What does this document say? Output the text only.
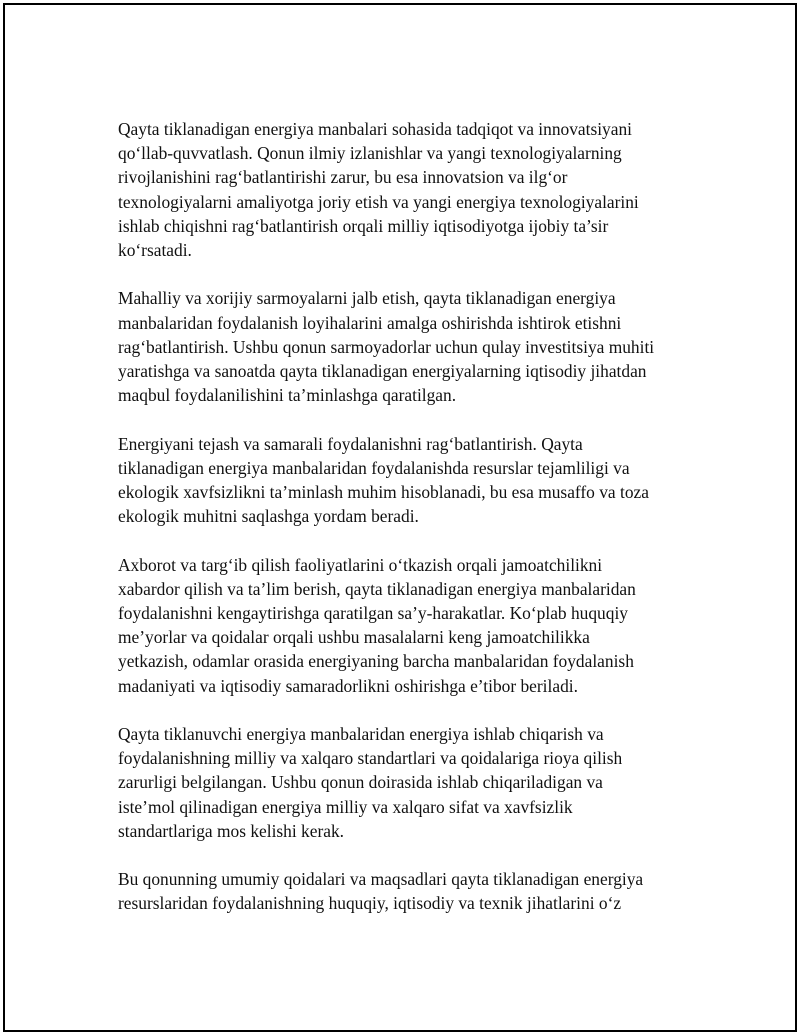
Qayta tiklanadigan energiya manbalari sohasida tadqiqot va innovatsiyani
qo‘llab-quvvatlash. Qonun ilmiy izlanishlar va yangi texnologiyalarning
rivojlanishini rag‘batlantirishi zarur, bu esa innovatsion va ilg‘or
texnologiyalarni amaliyotga joriy etish va yangi energiya texnologiyalarini
ishlab chiqishni rag‘batlantirish orqali milliy iqtisodiyotga ijobiy ta’sir
ko‘rsatadi.

Mahalliy va xorijiy sarmoyalarni jalb etish, qayta tiklanadigan energiya
manbalaridan foydalanish loyihalarini amalga oshirishda ishtirok etishni
rag‘batlantirish. Ushbu qonun sarmoyadorlar uchun qulay investitsiya muhiti
yaratishga va sanoatda qayta tiklanadigan energiyalarning iqtisodiy jihatdan
maqbul foydalanilishini ta’minlashga qaratilgan.

Energiyani tejash va samarali foydalanishni rag‘batlantirish. Qayta
tiklanadigan energiya manbalaridan foydalanishda resurslar tejamliligi va
ekologik xavfsizlikni ta’minlash muhim hisoblanadi, bu esa musaffo va toza
ekologik muhitni saqlashga yordam beradi.

Axborot va targ‘ib qilish faoliyatlarini o‘tkazish orqali jamoatchilikni
xabardor qilish va ta’lim berish, qayta tiklanadigan energiya manbalaridan
foydalanishni kengaytirishga qaratilgan sa’y-harakatlar. Ko‘plab huquqiy
me’yorlar va qoidalar orqali ushbu masalalarni keng jamoatchilikka
yetkazish, odamlar orasida energiyaning barcha manbalaridan foydalanish
madaniyati va iqtisodiy samaradorlikni oshirishga e’tibor beriladi.

Qayta tiklanuvchi energiya manbalaridan energiya ishlab chiqarish va
foydalanishning milliy va xalqaro standartlari va qoidalariga rioya qilish
zarurligi belgilangan. Ushbu qonun doirasida ishlab chiqariladigan va
iste’mol qilinadigan energiya milliy va xalqaro sifat va xavfsizlik
standartlariga mos kelishi kerak.

Bu qonunning umumiy qoidalari va maqsadlari qayta tiklanadigan energiya
resurslaridan foydalanishning huquqiy, iqtisodiy va texnik jihatlarini o‘z
